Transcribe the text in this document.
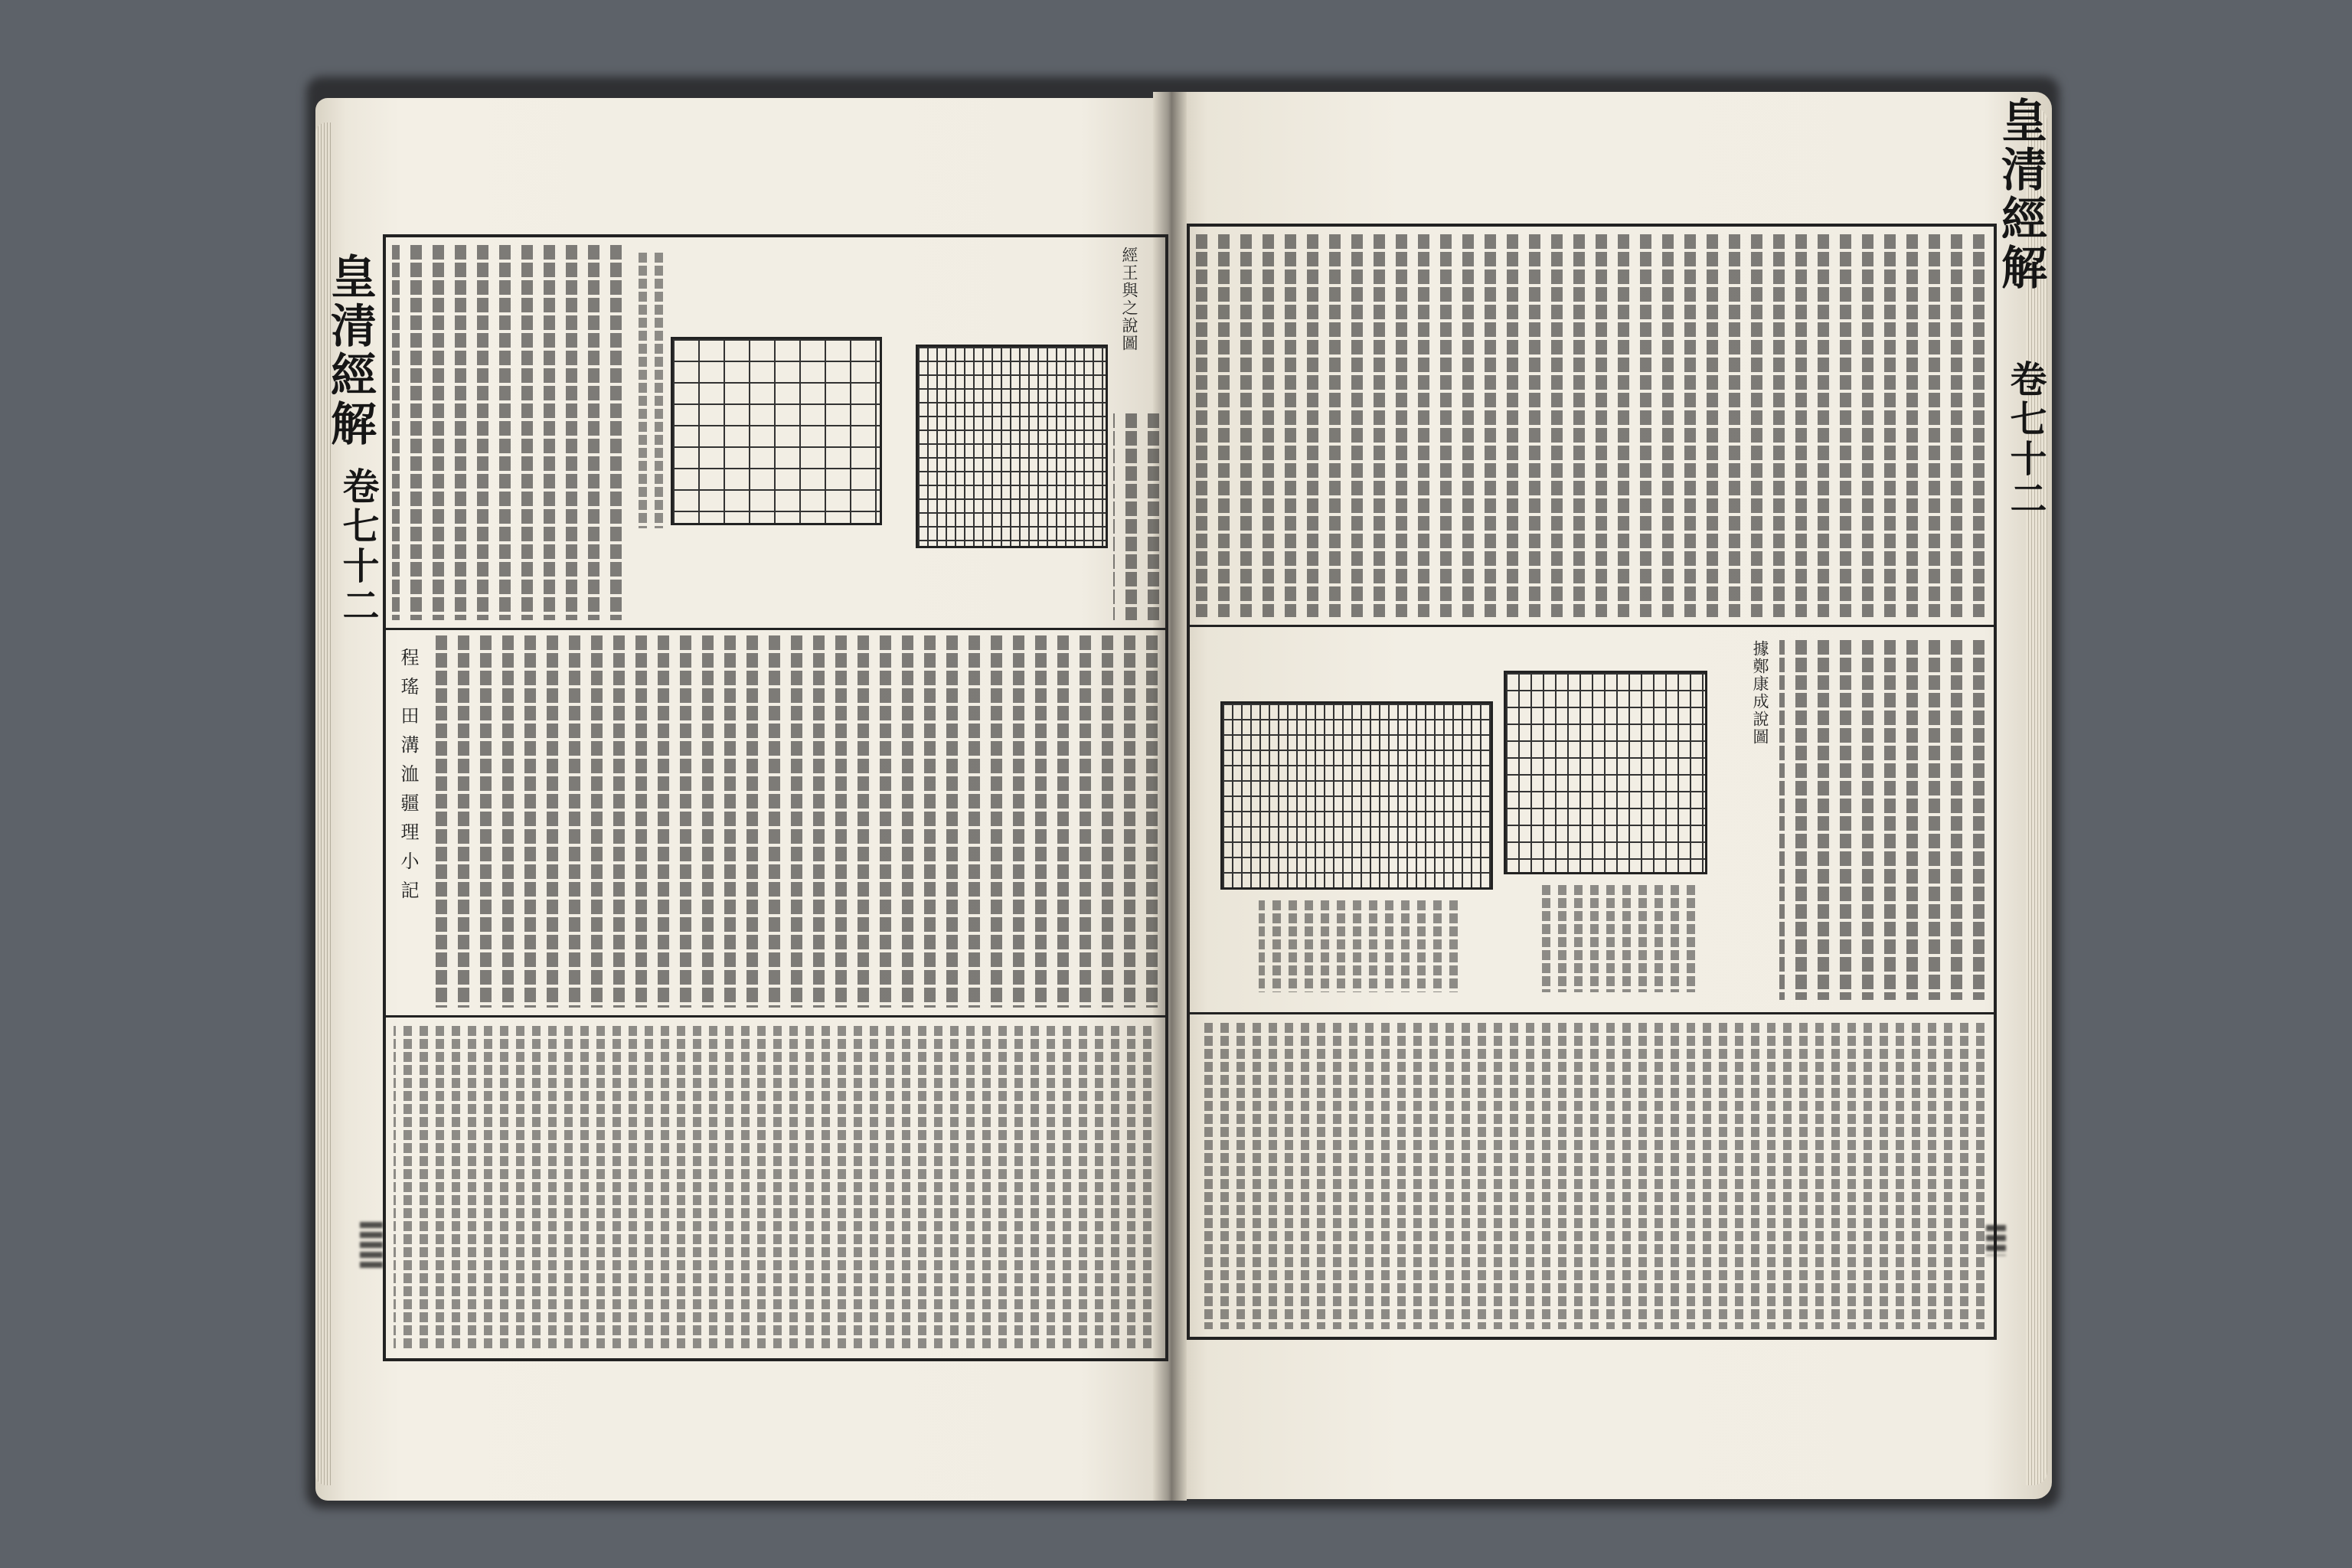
皇清經解
卷七十二
經王與之說圖
程瑤田溝洫疆理小記
皇清經解
卷七十二
據鄭康成說圖
